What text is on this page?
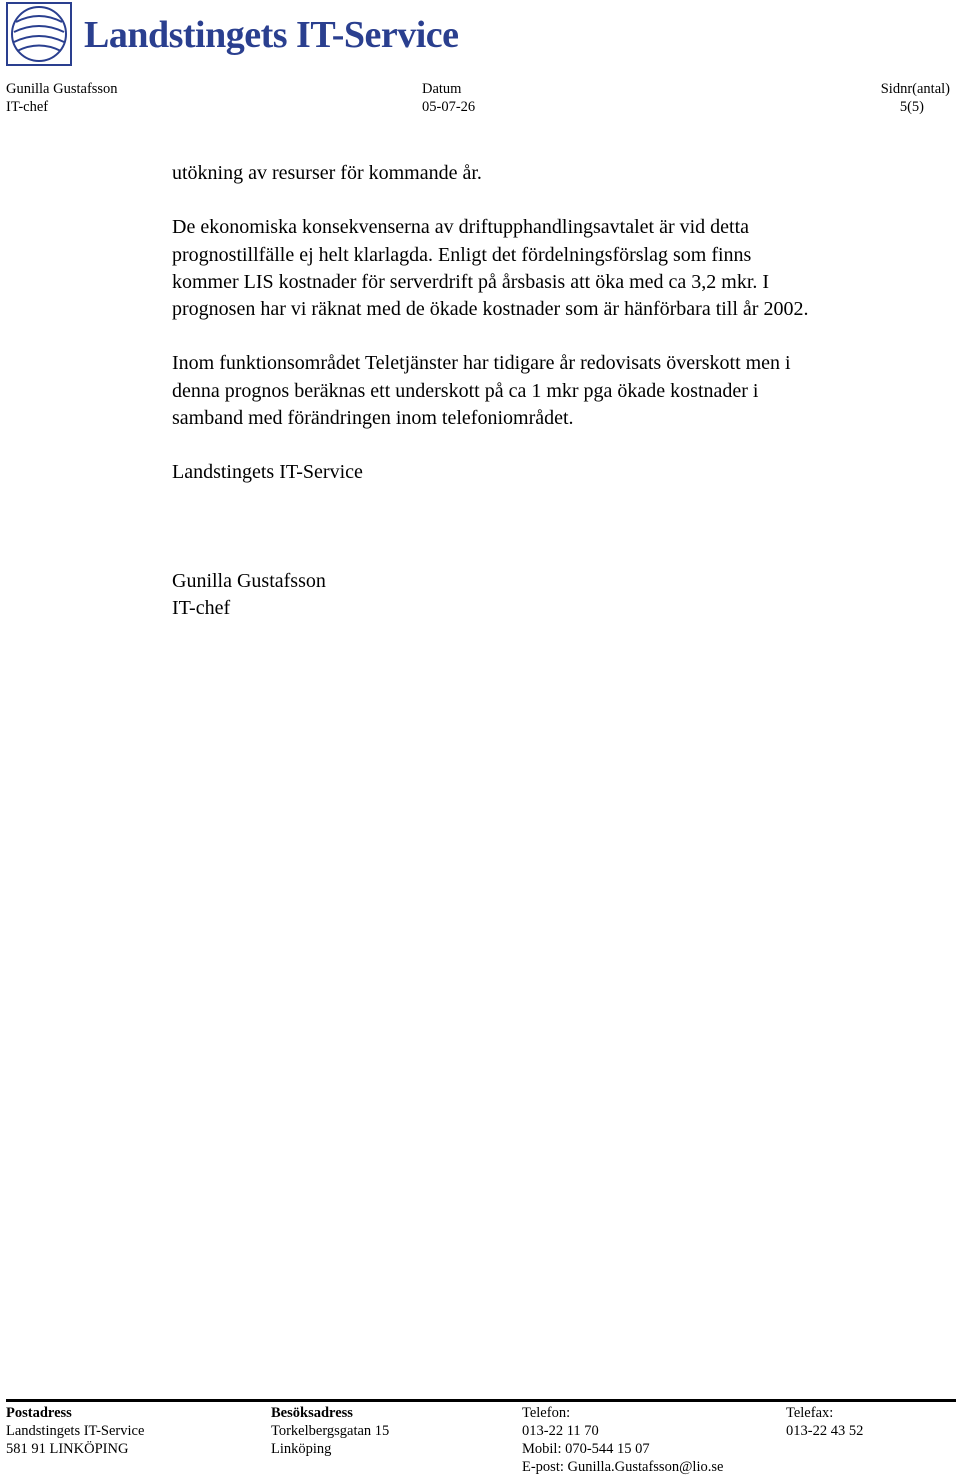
Landstingets IT-Service
Gunilla Gustafsson
IT-chef
Datum
05-07-26
Sidnr(antal)
5(5)

utökning av resurser för kommande år.

De ekonomiska konsekvenserna av driftupphandlingsavtalet är vid detta

prognostillfälle ej helt klarlagda. Enligt det fördelningsförslag som finns

kommer LIS kostnader för serverdrift på årsbasis att öka med ca 3,2 mkr. I

prognosen har vi räknat med de ökade kostnader som är hänförbara till år 2002.

Inom funktionsområdet Teletjänster har tidigare år redovisats överskott men i

denna prognos beräknas ett underskott på ca 1 mkr pga ökade kostnader i

samband med förändringen inom telefoniområdet.

Landstingets IT-Service

Gunilla Gustafsson

IT-chef

Postadress
Landstingets IT-Service
581 91 LINKÖPING
Besöksadress
Torkelbergsgatan 15
Linköping
Telefon:
013-22 11 70
Mobil: 070-544 15 07
E-post: Gunilla.Gustafsson@lio.se
Telefax:
013-22 43 52
